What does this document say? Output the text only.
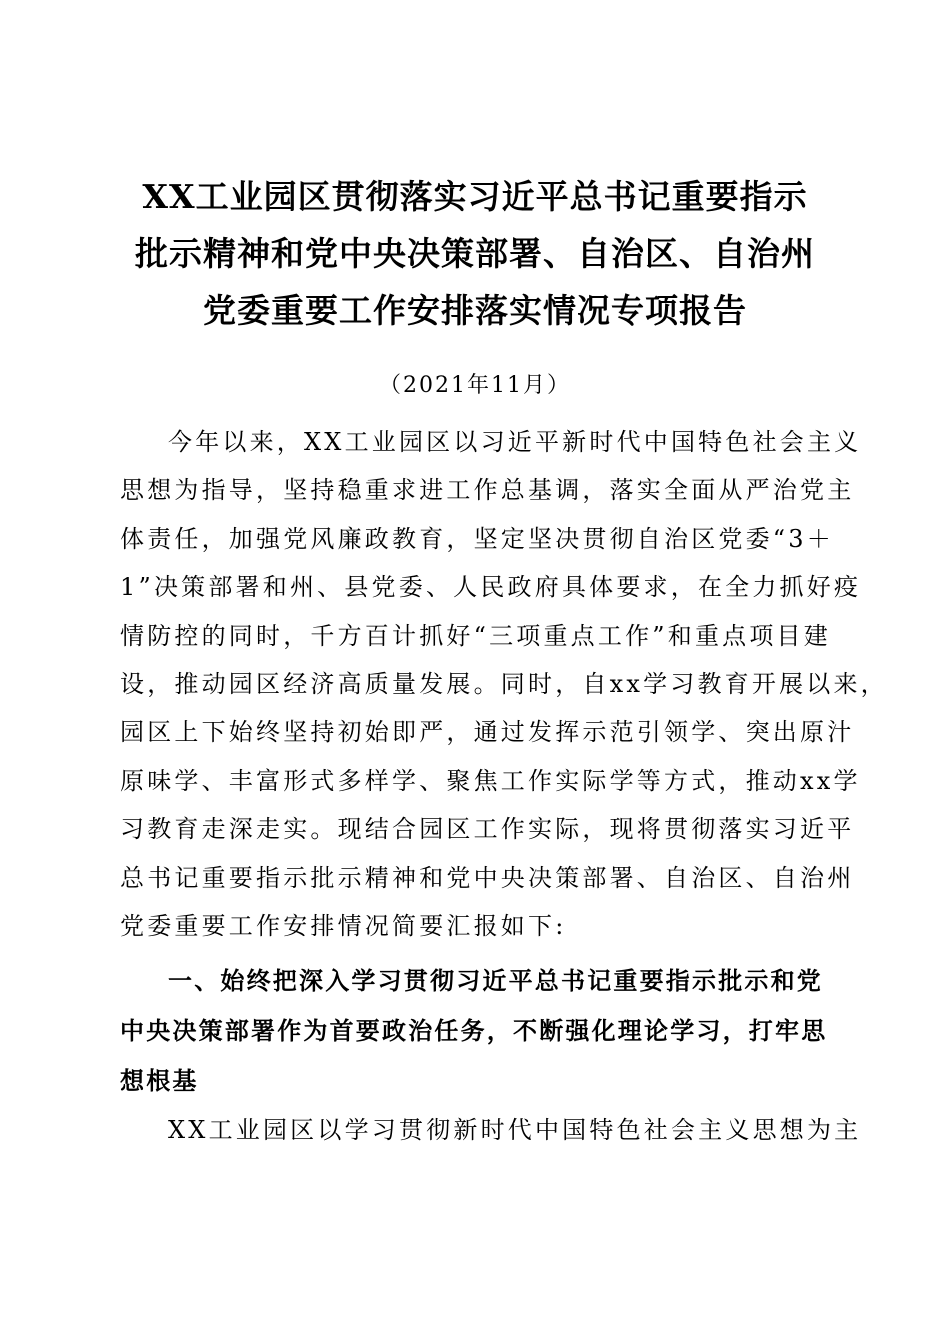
XX工业园区贯彻落实习近平总书记重要指示
批示精神和党中央决策部署、自治区、自治州
党委重要工作安排落实情况专项报告
（2021年11月）
今年以来，XX工业园区以习近平新时代中国特色社会主义
思想为指导，坚持稳重求进工作总基调，落实全面从严治党主
体责任，加强党风廉政教育，坚定坚决贯彻自治区党委“3＋
1”决策部署和州、县党委、人民政府具体要求，在全力抓好疫
情防控的同时，千方百计抓好“三项重点工作”和重点项目建
设，推动园区经济高质量发展。同时，自xx学习教育开展以来，
园区上下始终坚持初始即严，通过发挥示范引领学、突出原汁
原味学、丰富形式多样学、聚焦工作实际学等方式，推动xx学
习教育走深走实。现结合园区工作实际，现将贯彻落实习近平
总书记重要指示批示精神和党中央决策部署、自治区、自治州
党委重要工作安排情况简要汇报如下:
一、始终把深入学习贯彻习近平总书记重要指示批示和党
中央决策部署作为首要政治任务，不断强化理论学习，打牢思
想根基
XX工业园区以学习贯彻新时代中国特色社会主义思想为主
